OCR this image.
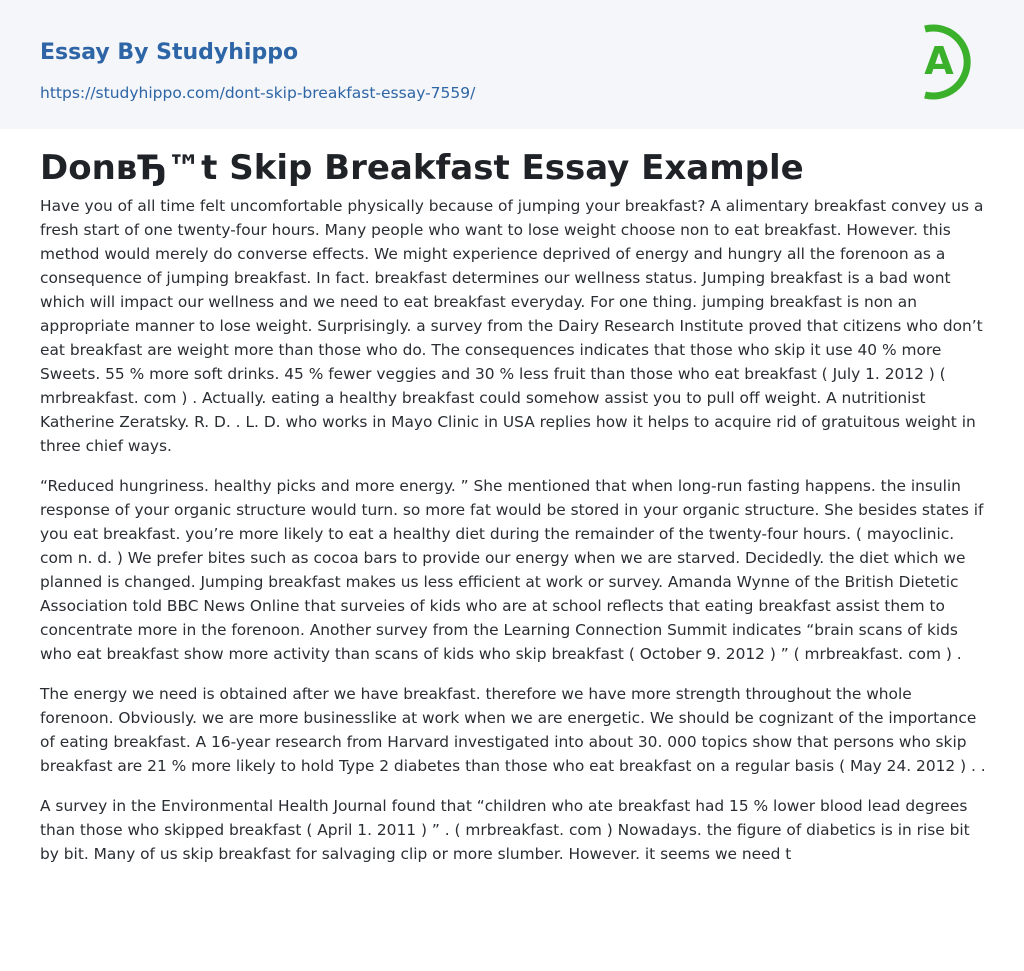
Essay By Studyhippo
https://studyhippo.com/dont-skip-breakfast-essay-7559/
A
DonвЂ™t Skip Breakfast Essay Example

Have you of all time felt uncomfortable physically because of jumping your breakfast? A alimentary breakfast convey us a fresh start of one twenty-four hours. Many people who want to lose weight choose non to eat breakfast. However. this method would merely do converse effects. We might experience deprived of energy and hungry all the forenoon as a consequence of jumping breakfast. In fact. breakfast determines our wellness status. Jumping breakfast is a bad wont which will impact our wellness and we need to eat breakfast everyday. For one thing. jumping breakfast is non an appropriate manner to lose weight. Surprisingly. a survey from the Dairy Research Institute proved that citizens who don’t eat breakfast are weight more than those who do. The consequences indicates that those who skip it use 40 % more Sweets. 55 % more soft drinks. 45 % fewer veggies and 30 % less fruit than those who eat breakfast ( July 1. 2012 ) ( mrbreakfast. com ) . Actually. eating a healthy breakfast could somehow assist you to pull off weight. A nutritionist Katherine Zeratsky. R. D. . L. D. who works in Mayo Clinic in USA replies how it helps to acquire rid of gratuitous weight in three chief ways.

“Reduced hungriness. healthy picks and more energy. ” She mentioned that when long-run fasting happens. the insulin response of your organic structure would turn. so more fat would be stored in your organic structure. She besides states if you eat breakfast. you’re more likely to eat a healthy diet during the remainder of the twenty-four hours. ( mayoclinic. com n. d. ) We prefer bites such as cocoa bars to provide our energy when we are starved. Decidedly. the diet which we planned is changed. Jumping breakfast makes us less efficient at work or survey. Amanda Wynne of the British Dietetic Association told BBC News Online that surveies of kids who are at school reflects that eating breakfast assist them to concentrate more in the forenoon. Another survey from the Learning Connection Summit indicates “brain scans of kids who eat breakfast show more activity than scans of kids who skip breakfast ( October 9. 2012 ) ” ( mrbreakfast. com ) .

The energy we need is obtained after we have breakfast. therefore we have more strength throughout the whole forenoon. Obviously. we are more businesslike at work when we are energetic. We should be cognizant of the importance of eating breakfast. A 16-year research from Harvard investigated into about 30. 000 topics show that persons who skip breakfast are 21 % more likely to hold Type 2 diabetes than those who eat breakfast on a regular basis ( May 24. 2012 ) . .

A survey in the Environmental Health Journal found that “children who ate breakfast had 15 % lower blood lead degrees than those who skipped breakfast ( April 1. 2011 ) ” . ( mrbreakfast. com ) Nowadays. the figure of diabetics is in rise bit by bit. Many of us skip breakfast for salvaging clip or more slumber. However. it seems we need t
